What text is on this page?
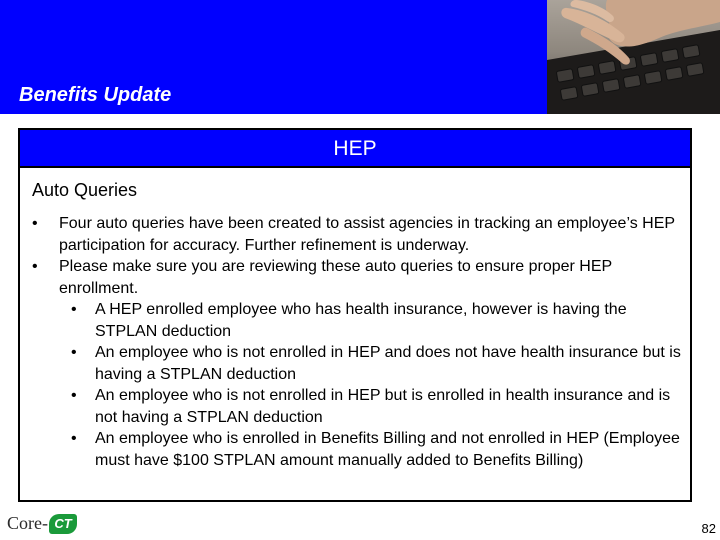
Benefits Update
HEP
Auto Queries
• Four auto queries have been created to assist agencies in tracking an employee’s HEP participation for accuracy. Further refinement is underway.
• Please make sure you are reviewing these auto queries to ensure proper HEP enrollment.
• A HEP enrolled employee who has health insurance, however is having the STPLAN deduction
• An employee who is not enrolled in HEP and does not have health insurance but is having a STPLAN deduction
• An employee who is not enrolled in HEP but is enrolled in health insurance and is not having a STPLAN deduction
• An employee who is enrolled in Benefits Billing and not enrolled in HEP (Employee must have $100 STPLAN amount manually added to Benefits Billing)
Core- CT	82
